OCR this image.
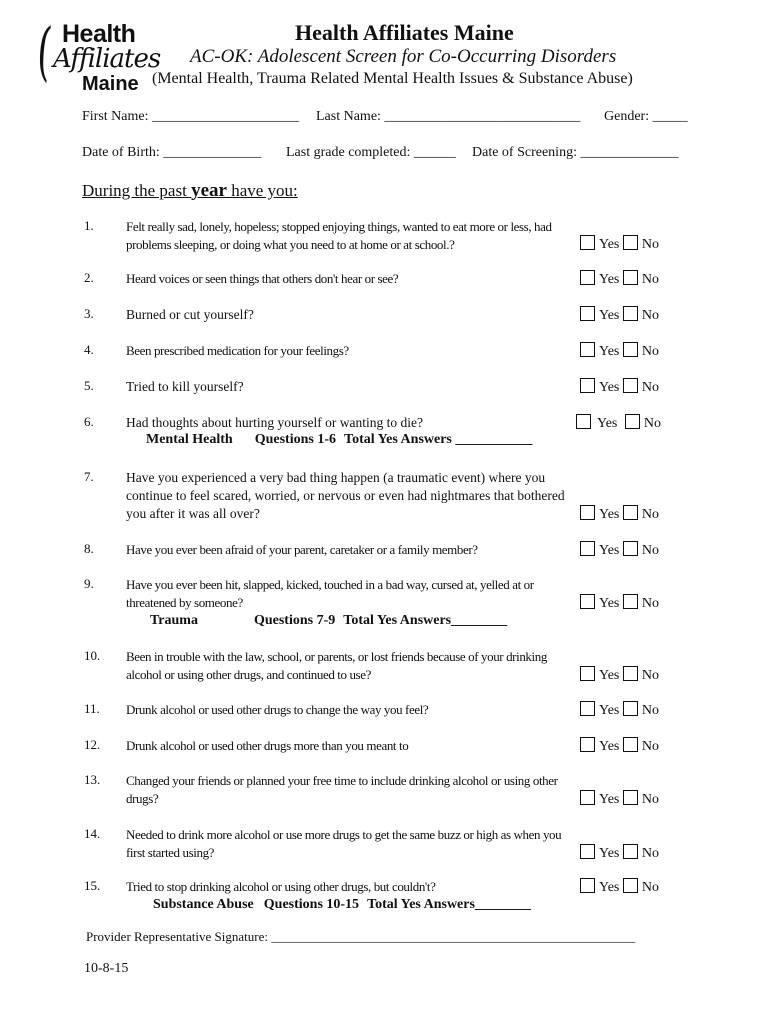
( Health
Affiliates
Maine
Health Affiliates Maine
AC-OK: Adolescent Screen for Co-Occurring Disorders
(Mental Health, Trauma Related Mental Health Issues & Substance Abuse)
First Name: _____________________ Last Name: ____________________________ Gender: _____
Date of Birth: ______________ Last grade completed: ______ Date of Screening: ______________
During the past year have you:
1. Felt really sad, lonely, hopeless; stopped enjoying things, wanted to eat more or less, had problems sleeping, or doing what you need to at home or at school.?	Yes No
2. Heard voices or seen things that others don't hear or see?	Yes No
3. Burned or cut yourself?	Yes No
4. Been prescribed medication for your feelings?	Yes No
5. Tried to kill yourself?	Yes No
6. Had thoughts about hurting yourself or wanting to die?	Yes No
Mental Health Questions 1-6 Total Yes Answers ___________
7. Have you experienced a very bad thing happen (a traumatic event) where you continue to feel scared, worried, or nervous or even had nightmares that bothered you after it was all over?	Yes No
8. Have you ever been afraid of your parent, caretaker or a family member?	Yes No
9. Have you ever been hit, slapped, kicked, touched in a bad way, cursed at, yelled at or threatened by someone?	Yes No
Trauma	Questions 7-9 Total Yes Answers________
10. Been in trouble with the law, school, or parents, or lost friends because of your drinking alcohol or using other drugs, and continued to use?	Yes No
11. Drunk alcohol or used other drugs to change the way you feel?	Yes No
12. Drunk alcohol or used other drugs more than you meant to	Yes No
13. Changed your friends or planned your free time to include drinking alcohol or using other drugs?	Yes No
14. Needed to drink more alcohol or use more drugs to get the same buzz or high as when you first started using?	Yes No
15. Tried to stop drinking alcohol or using other drugs, but couldn't?	Yes No
Substance Abuse Questions 10-15 Total Yes Answers________
Provider Representative Signature: ________________________________________________________
10-8-15
